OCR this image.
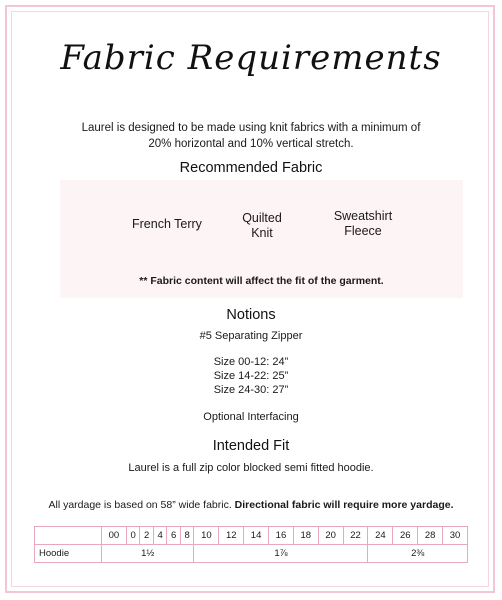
Fabric Requirements
Laurel is designed to be made using knit fabrics with a minimum of 20% horizontal and 10% vertical stretch.
Recommended Fabric
French Terry	Quilted
Knit
Sweatshirt
Fleece
** Fabric content will affect the fit of the garment.
Notions
#5 Separating Zipper
Size 00-12: 24”
Size 14-22: 25”
Size 24-30: 27”
Optional Interfacing
Intended Fit
Laurel is a full zip color blocked semi fitted hoodie.
All yardage is based on 58” wide fabric. Directional fabric will require more yardage.
	00	0	2	4	6	8	10	12	14	16	18	20	22	24	26	28	30
Hoodie	1½						1⅞							2⅜			
